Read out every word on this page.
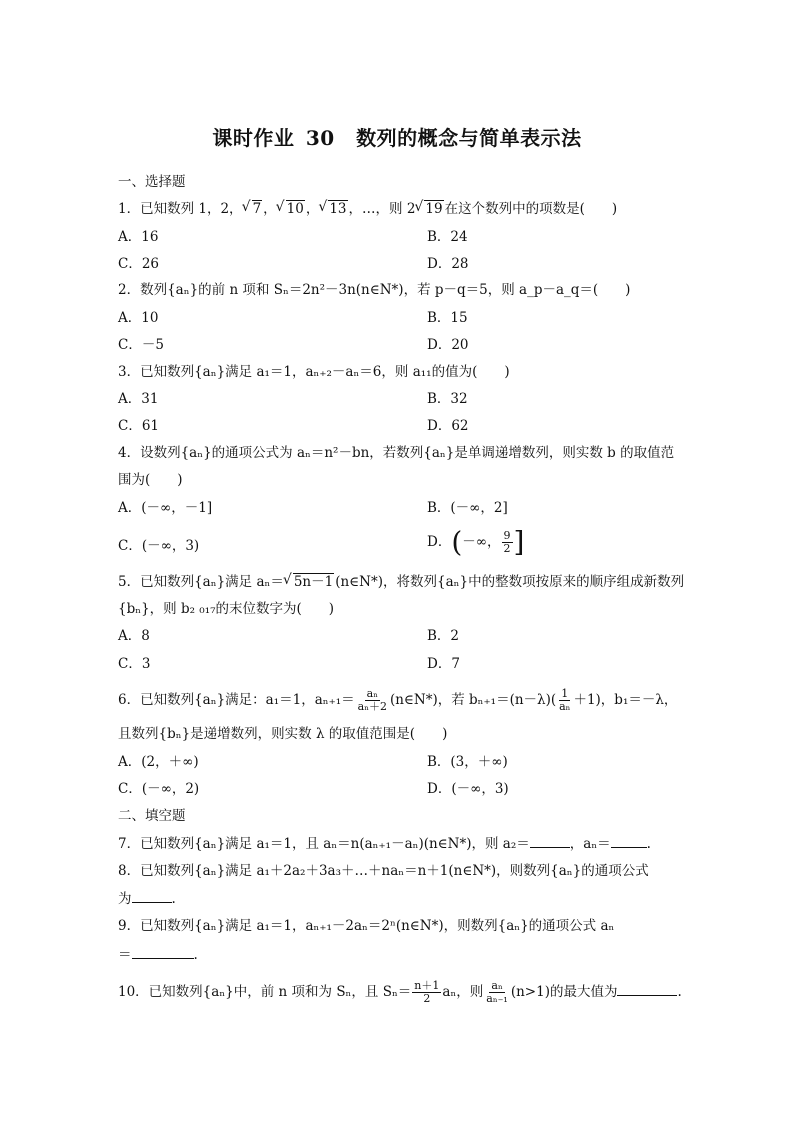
课时作业 30 数列的概念与简单表示法
一、选择题
1．已知数列 1，2， √ 7 ， √ 10 ， √ 13 ，…，则 2 √ 19 在这个数列中的项数是(　　)
A．16	B．24
C．26	D．28
2．数列{aₙ}的前 n 项和 Sₙ＝2n²－3n(n∈N*)，若 p－q＝5，则 a_p－a_q＝(　　)
A．10	B．15
C．－5	D．20
3．已知数列{aₙ}满足 a₁＝1，aₙ₊₂－aₙ＝6，则 a₁₁的值为(　　)
A．31	B．32
C．61	D．62
4．设数列{aₙ}的通项公式为 aₙ＝n²－bn，若数列{aₙ}是单调递增数列，则实数 b 的取值范
围为(　　)
A．(－∞，－1]	B．(－∞，2]
C．(－∞，3)	D．(－∞， $\frac{9}{2}$ ]
5．已知数列{aₙ}满足 aₙ＝ √ 5n－1 (n∈N*)，将数列{aₙ}中的整数项按原来的顺序组成新数列
{bₙ}，则 b₂ ₀₁₇的末位数字为(　　)
A．8	B．2
C．3	D．7
6．已知数列{aₙ}满足：a₁＝1，$a_{n+1}= \frac{\text{aₙ}}{\text{aₙ＋2}}$ (n∈N*)，若 $b_{n+1}=(n-\lambda)( \frac{1}{\text{aₙ}} +1)$，b₁＝－λ，
且数列{bₙ}是递增数列，则实数 λ 的取值范围是(　　)
A．(2，＋∞)	B．(3，＋∞)
C．(－∞，2)	D．(－∞，3)
二、填空题
7．已知数列{aₙ}满足 a₁＝1，且 aₙ＝n(aₙ₊₁－aₙ)(n∈N*)，则 a₂＝	，aₙ＝	.
8．已知数列{aₙ}满足 a₁＋2a₂＋3a₃＋…＋naₙ＝n＋1(n∈N*)，则数列{aₙ}的通项公式
为	.
9．已知数列{aₙ}满足 a₁＝1，aₙ₊₁－2aₙ＝2ⁿ(n∈N*)，则数列{aₙ}的通项公式 aₙ
＝	.
10．已知数列{aₙ}中，前 n 项和为 Sₙ，且 $S_n= \frac{n+1}{2}$ aₙ，则 $\frac{\text{aₙ}}{\text{aₙ₋₁}} (n>1)$的最大值为	.
